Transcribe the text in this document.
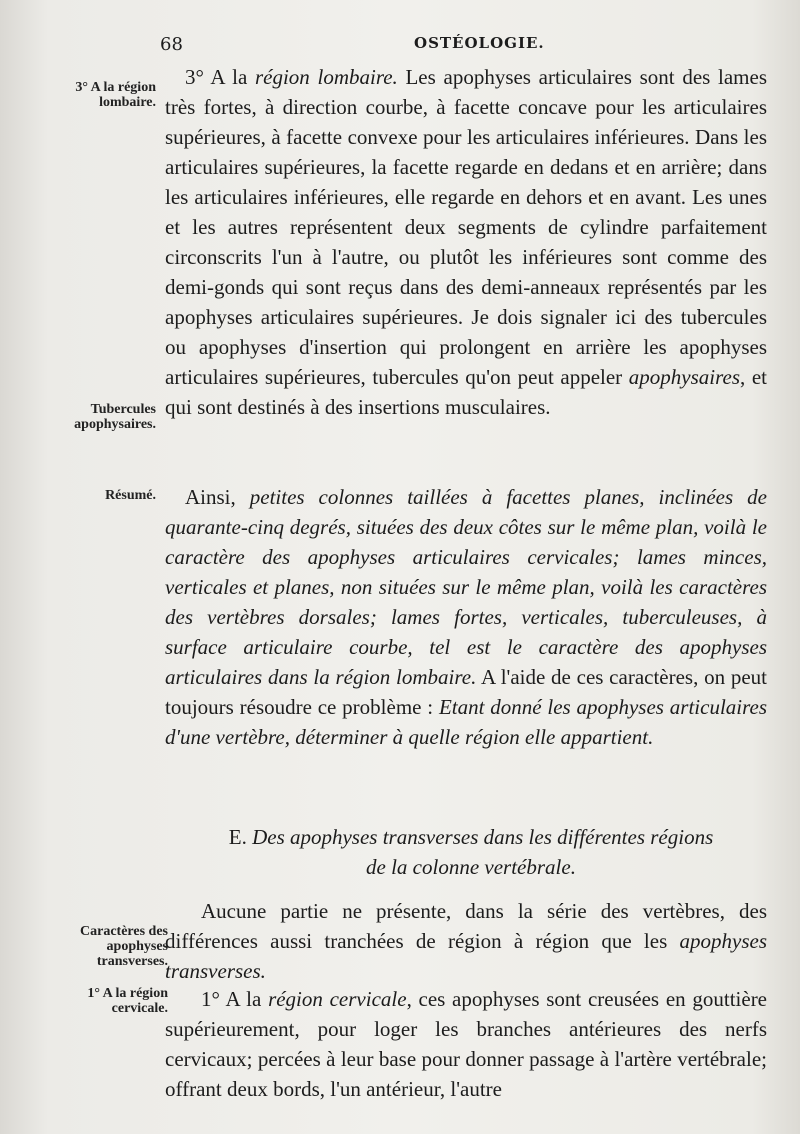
68	OSTÉOLOGIE.
3° A la région lombaire.
Tubercules apophysaires.
Résumé.
Caractères des apophyses transverses.
1° A la région cervicale.
3° A la région lombaire. Les apophyses articulaires sont des lames très fortes, à direction courbe, à facette concave pour les articulaires supérieures, à facette convexe pour les articulaires inférieures. Dans les articulaires supérieures, la facette regarde en dedans et en arrière; dans les articulaires inférieures, elle regarde en dehors et en avant. Les unes et les autres représentent deux segments de cylindre parfaitement circonscrits l'un à l'autre, ou plutôt les inférieures sont comme des demi-gonds qui sont reçus dans des demi-anneaux représentés par les apophyses articulaires supérieures. Je dois signaler ici des tubercules ou apophyses d'insertion qui prolongent en arrière les apophyses articulaires supérieures, tubercules qu'on peut appeler apophysaires, et qui sont destinés à des insertions musculaires.
Ainsi, petites colonnes taillées à facettes planes, inclinées de quarante-cinq degrés, situées des deux côtes sur le même plan, voilà le caractère des apophyses articulaires cervicales; lames minces, verticales et planes, non situées sur le même plan, voilà les caractères des vertèbres dorsales; lames fortes, verticales, tuberculeuses, à surface articulaire courbe, tel est le caractère des apophyses articulaires dans la région lombaire. A l'aide de ces caractères, on peut toujours résoudre ce problème : Etant donné les apophyses articulaires d'une vertèbre, déterminer à quelle région elle appartient.
E. Des apophyses transverses dans les différentes régions
de la colonne vertébrale.
Aucune partie ne présente, dans la série des vertèbres, des différences aussi tranchées de région à région que les apophyses transverses.
1° A la région cervicale, ces apophyses sont creusées en gouttière supérieurement, pour loger les branches antérieures des nerfs cervicaux; percées à leur base pour donner passage à l'artère vertébrale; offrant deux bords, l'un antérieur, l'autre
